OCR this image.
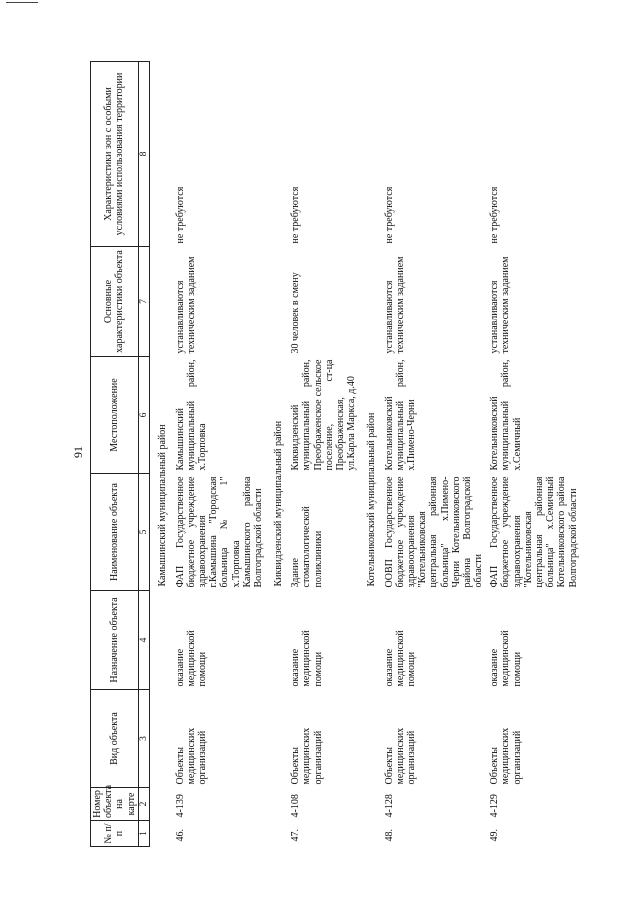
91
№ п/п	Номер объекта на карте	Вид объекта	Назначение объекта	Наименование объекта	Местоположение	Основные характеристики объекта	Характеристики зон с особыми условиями использования территории
1	2	3	4	5	6	7	8
				Камышинский муниципальный район			
46.	4-139	Объекты медицинских организаций	оказание медицинской помощи	ФАП Государственное бюджетное учреждение здравоохранения г.Камышина "Городская больница № 1" х.Торповка Камышинского района Волгоградской области	Камышинский муниципальный район, х.Торповка	устанавливаются техническим заданием	не требуются
				Киквидзенский муниципальный район			
47.	4-108	Объекты медицинских организаций	оказание медицинской помощи	Здание стоматологической поликлиники	Киквидзенский муниципальный район, Преображенское сельское поселение, ст-ца Преображенская, ул.Карла Маркса, д.40	30 человек в смену	не требуются
				Котельниковский муниципальный район			
48.	4-128	Объекты медицинских организаций	оказание медицинской помощи	ООВП Государственное бюджетное учреждение здравоохранения "Котельниковская центральная районная больница" х.Пимено-Черни Котельниковского района Волгоградской области	Котельниковский муниципальный район, х.Пимено-Черни	устанавливаются техническим заданием	не требуются
49.	4-129	Объекты медицинских организаций	оказание медицинской помощи	ФАП Государственное бюджетное учреждение здравоохранения "Котельниковская центральная районная больница" х.Семичный Котельниковского района Волгоградской области	Котельниковский муниципальный район, х.Семичный	устанавливаются техническим заданием	не требуются
